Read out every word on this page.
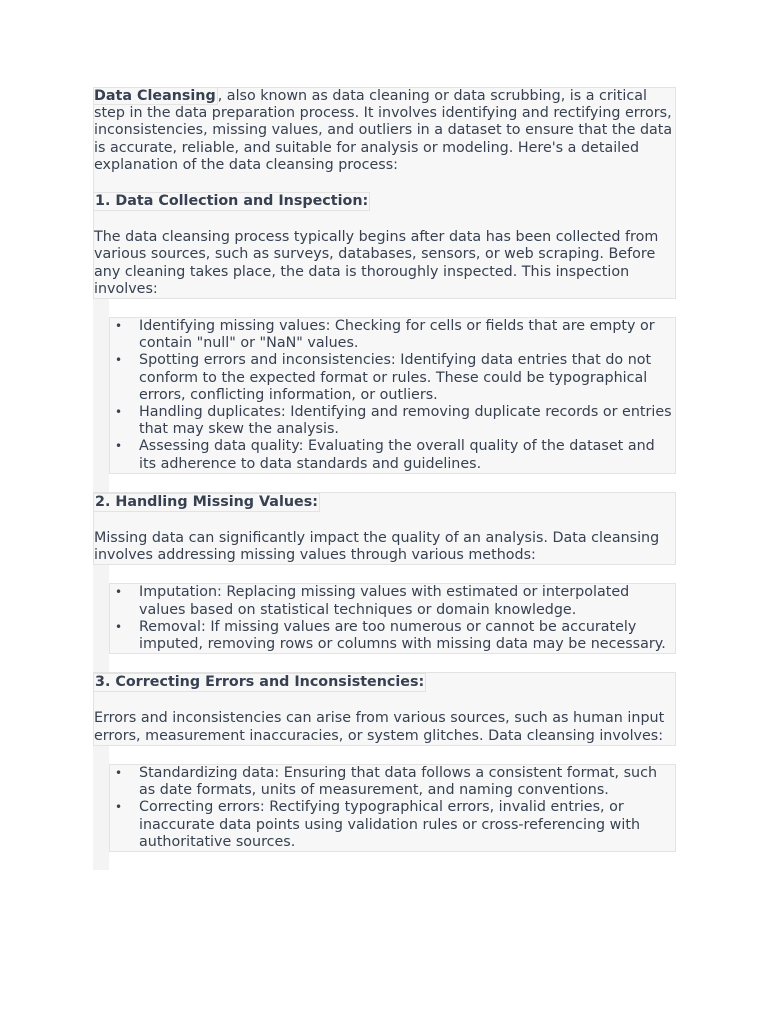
Data Cleansing , also known as data cleaning or data scrubbing, is a critical step in the data preparation process. It involves identifying and rectifying errors, inconsistencies, missing values, and outliers in a dataset to ensure that the data is accurate, reliable, and suitable for analysis or modeling. Here's a detailed explanation of the data cleansing process:

1. Data Collection and Inspection:

The data cleansing process typically begins after data has been collected from various sources, such as surveys, databases, sensors, or web scraping. Before any cleaning takes place, the data is thoroughly inspected. This inspection involves:

• Identifying missing values: Checking for cells or fields that are empty or contain "null" or "NaN" values.
• Spotting errors and inconsistencies: Identifying data entries that do not conform to the expected format or rules. These could be typographical errors, conflicting information, or outliers.
• Handling duplicates: Identifying and removing duplicate records or entries that may skew the analysis.
• Assessing data quality: Evaluating the overall quality of the dataset and its adherence to data standards and guidelines.

2. Handling Missing Values:

Missing data can significantly impact the quality of an analysis. Data cleansing involves addressing missing values through various methods:

• Imputation: Replacing missing values with estimated or interpolated values based on statistical techniques or domain knowledge.
• Removal: If missing values are too numerous or cannot be accurately imputed, removing rows or columns with missing data may be necessary.

3. Correcting Errors and Inconsistencies:

Errors and inconsistencies can arise from various sources, such as human input errors, measurement inaccuracies, or system glitches. Data cleansing involves:

• Standardizing data: Ensuring that data follows a consistent format, such as date formats, units of measurement, and naming conventions.
• Correcting errors: Rectifying typographical errors, invalid entries, or inaccurate data points using validation rules or cross-referencing with authoritative sources.
